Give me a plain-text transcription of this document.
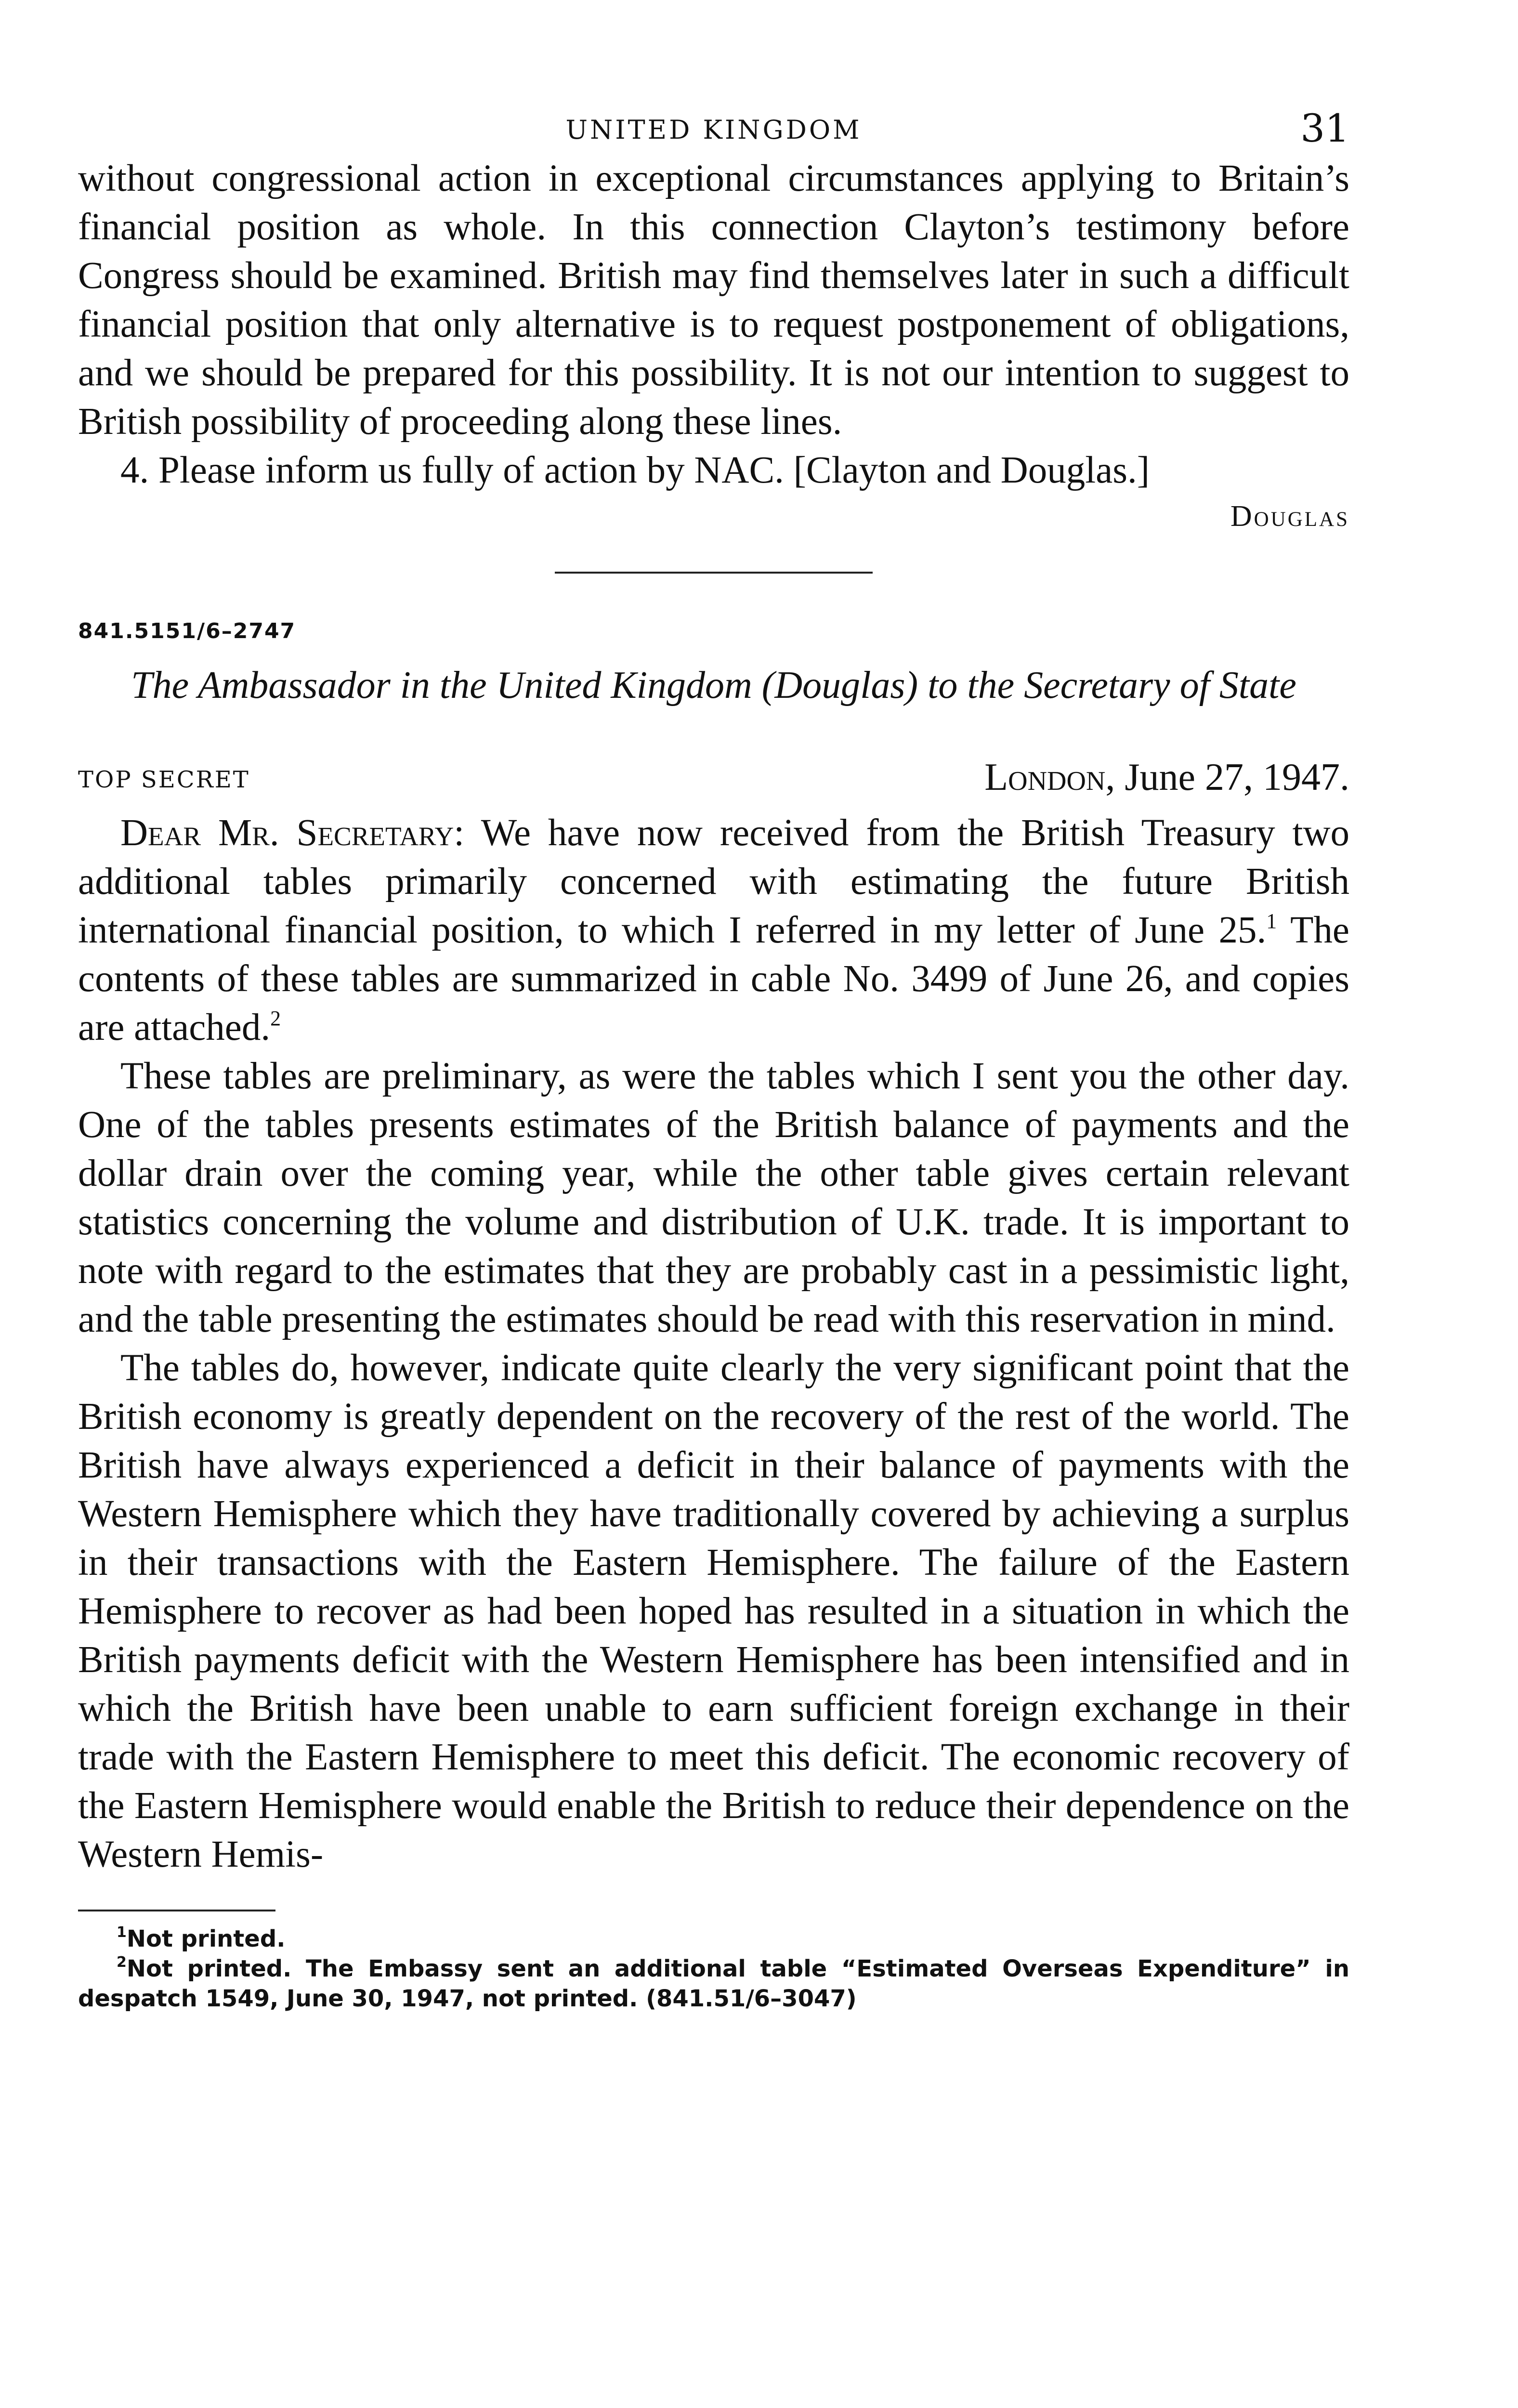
UNITED KINGDOM	31

without congressional action in exceptional circumstances applying to Britain’s financial position as whole. In this connection Clayton’s testimony before Congress should be examined. British may find themselves later in such a difficult financial position that only alternative is to request postponement of obligations, and we should be prepared for this possibility. It is not our intention to suggest to British possibility of proceeding along these lines.

4. Please inform us fully of action by NAC. [Clayton and Douglas.]

Douglas
841.5151/6–2747
The Ambassador in the United Kingdom (Douglas) to the Secretary of State
TOP SECRET	London, June 27, 1947.

Dear Mr. Secretary: We have now received from the British Treasury two additional tables primarily concerned with estimating the future British international financial position, to which I referred in my letter of June 25.$^1$ The contents of these tables are summarized in cable No. 3499 of June 26, and copies are attached.$^2$

These tables are preliminary, as were the tables which I sent you the other day. One of the tables presents estimates of the British balance of payments and the dollar drain over the coming year, while the other table gives certain relevant statistics concerning the volume and distribution of U.K. trade. It is important to note with regard to the estimates that they are probably cast in a pessimistic light, and the table presenting the estimates should be read with this reservation in mind.

The tables do, however, indicate quite clearly the very significant point that the British economy is greatly dependent on the recovery of the rest of the world. The British have always experienced a deficit in their balance of payments with the Western Hemisphere which they have traditionally covered by achieving a surplus in their transactions with the Eastern Hemisphere. The failure of the Eastern Hemisphere to recover as had been hoped has resulted in a situation in which the British payments deficit with the Western Hemisphere has been intensified and in which the British have been unable to earn sufficient foreign exchange in their trade with the Eastern Hemisphere to meet this deficit. The economic recovery of the Eastern Hemisphere would enable the British to reduce their dependence on the Western Hemis-

$^1$Not printed.

$^2$Not printed. The Embassy sent an additional table “Estimated Overseas Expenditure” in despatch 1549, June 30, 1947, not printed. (841.51/6–3047)
